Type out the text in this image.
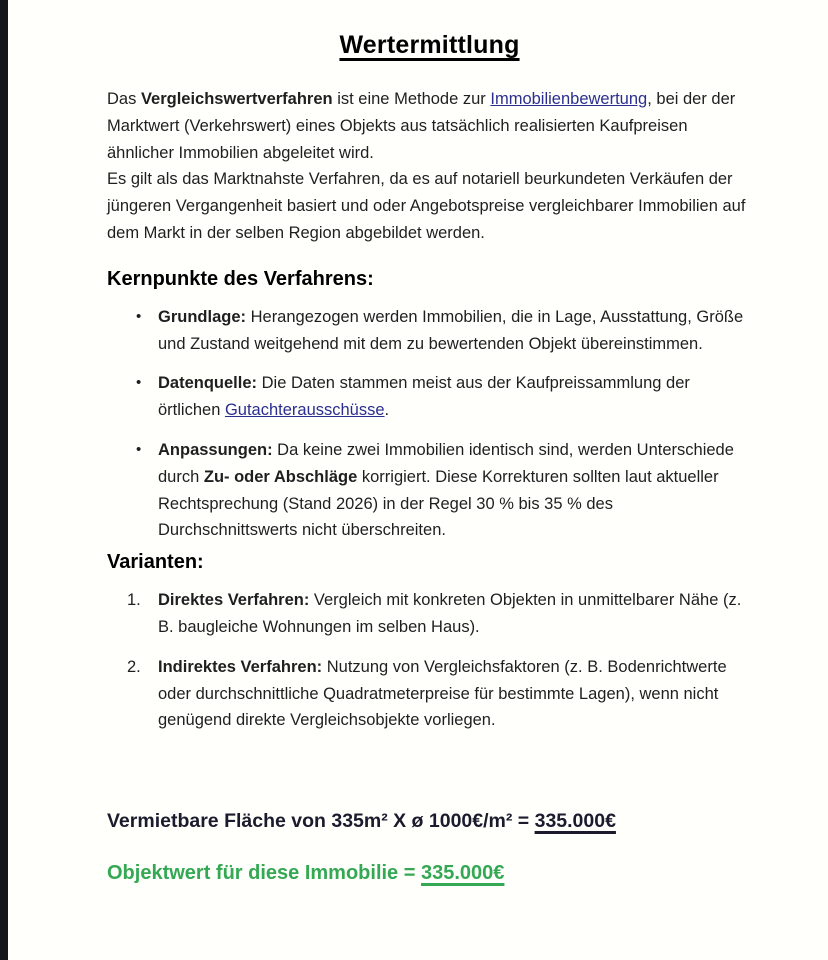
Wertermittlung

Das Vergleichswertverfahren ist eine Methode zur Immobilienbewertung, bei der der Marktwert (Verkehrswert) eines Objekts aus tatsächlich realisierten Kaufpreisen ähnlicher Immobilien abgeleitet wird.

Es gilt als das Marktnahste Verfahren, da es auf notariell beurkundeten Verkäufen der jüngeren Vergangenheit basiert und oder Angebotspreise vergleichbarer Immobilien auf dem Markt in der selben Region abgebildet werden.

Kernpunkte des Verfahrens:
• Grundlage: Herangezogen werden Immobilien, die in Lage, Ausstattung, Größe und Zustand weitgehend mit dem zu bewertenden Objekt übereinstimmen.
• Datenquelle: Die Daten stammen meist aus der Kaufpreissammlung der örtlichen Gutachterausschüsse.
• Anpassungen: Da keine zwei Immobilien identisch sind, werden Unterschiede durch Zu- oder Abschläge korrigiert. Diese Korrekturen sollten laut aktueller Rechtsprechung (Stand 2026) in der Regel 30 % bis 35 % des Durchschnittswerts nicht überschreiten.
Varianten:
1. Direktes Verfahren: Vergleich mit konkreten Objekten in unmittelbarer Nähe (z. B. baugleiche Wohnungen im selben Haus).
2. Indirektes Verfahren: Nutzung von Vergleichsfaktoren (z. B. Bodenrichtwerte oder durchschnittliche Quadratmeterpreise für bestimmte Lagen), wenn nicht genügend direkte Vergleichsobjekte vorliegen.

Vermietbare Fläche von 335m² X ø 1000€/m² = 335.000€

Objektwert für diese Immobilie = 335.000€
